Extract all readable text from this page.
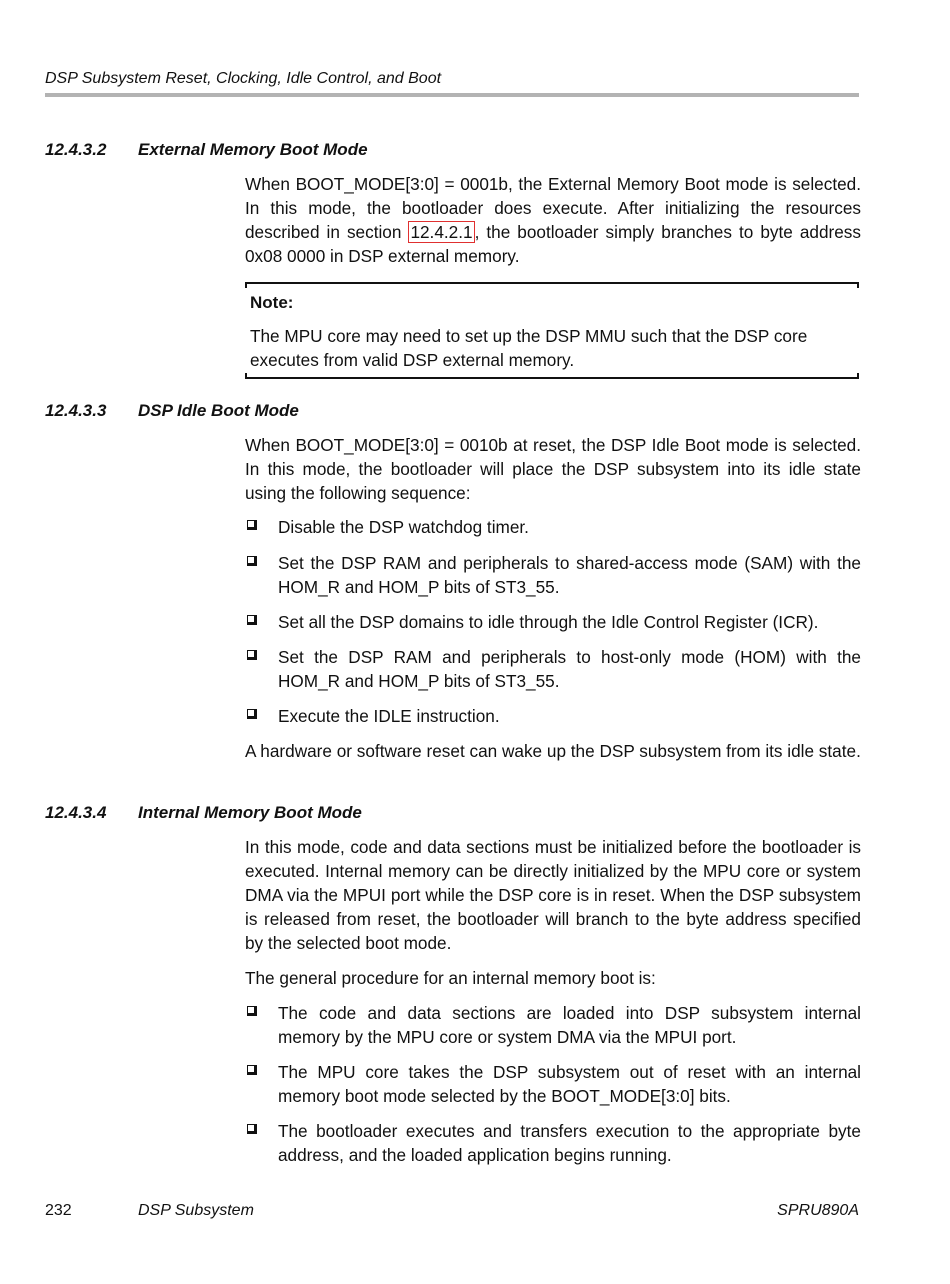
DSP Subsystem Reset, Clocking, Idle Control, and Boot
12.4.3.2 External Memory Boot Mode
When BOOT_MODE[3:0] = 0001b, the External Memory Boot mode is selected. In this mode, the bootloader does execute. After initializing the resources described in section 12.4.2.1 , the bootloader simply branches to byte address 0x08 0000 in DSP external memory.
Note:
The MPU core may need to set up the DSP MMU such that the DSP core executes from valid DSP external memory.
12.4.3.3 DSP Idle Boot Mode
When BOOT_MODE[3:0] = 0010b at reset, the DSP Idle Boot mode is selected. In this mode, the bootloader will place the DSP subsystem into its idle state using the following sequence:
Disable the DSP watchdog timer.
Set the DSP RAM and peripherals to shared-access mode (SAM) with the HOM_R and HOM_P bits of ST3_55.
Set all the DSP domains to idle through the Idle Control Register (ICR).
Set the DSP RAM and peripherals to host-only mode (HOM) with the HOM_R and HOM_P bits of ST3_55.
Execute the IDLE instruction.
A hardware or software reset can wake up the DSP subsystem from its idle state.
12.4.3.4 Internal Memory Boot Mode
In this mode, code and data sections must be initialized before the bootloader is executed. Internal memory can be directly initialized by the MPU core or system DMA via the MPUI port while the DSP core is in reset. When the DSP subsystem is released from reset, the bootloader will branch to the byte address specified by the selected boot mode.
The general procedure for an internal memory boot is:
The code and data sections are loaded into DSP subsystem internal memory by the MPU core or system DMA via the MPUI port.
The MPU core takes the DSP subsystem out of reset with an internal memory boot mode selected by the BOOT_MODE[3:0] bits.
The bootloader executes and transfers execution to the appropriate byte address, and the loaded application begins running.
232	DSP Subsystem	SPRU890A
